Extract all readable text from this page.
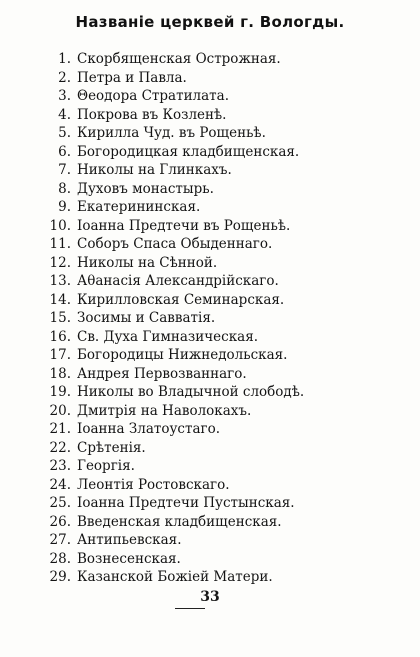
Названіе церквей г. Вологды.
1. Скорбященская Острожная.
2. Петра и Павла.
3. Θеодора Стратилата.
4. Покрова въ Козленѣ.
5. Кирилла Чуд. въ Рощеньѣ.
6. Богородицкая кладбищенская.
7. Николы на Глинкахъ.
8. Духовъ монастырь.
9. Екатерининская.
10. Іоанна Предтечи въ Рощеньѣ.
11. Соборъ Спаса Обыденнаго.
12. Николы на Сѣнной.
13. Аθанасія Александрійскаго.
14. Кирилловская Семинарская.
15. Зосимы и Савватія.
16. Св. Духа Гимназическая.
17. Богородицы Нижнедольская.
18. Андрея Первозваннаго.
19. Николы во Владычной слободѣ.
20. Дмитрія на Наволокахъ.
21. Іоанна Златоустаго.
22. Срѣтенія.
23. Георгія.
24. Леонтія Ростовскаго.
25. Іоанна Предтечи Пустынская.
26. Введенская кладбищенская.
27. Антипьевская.
28. Вознесенская.
29. Казанской Божіей Матери.
33
